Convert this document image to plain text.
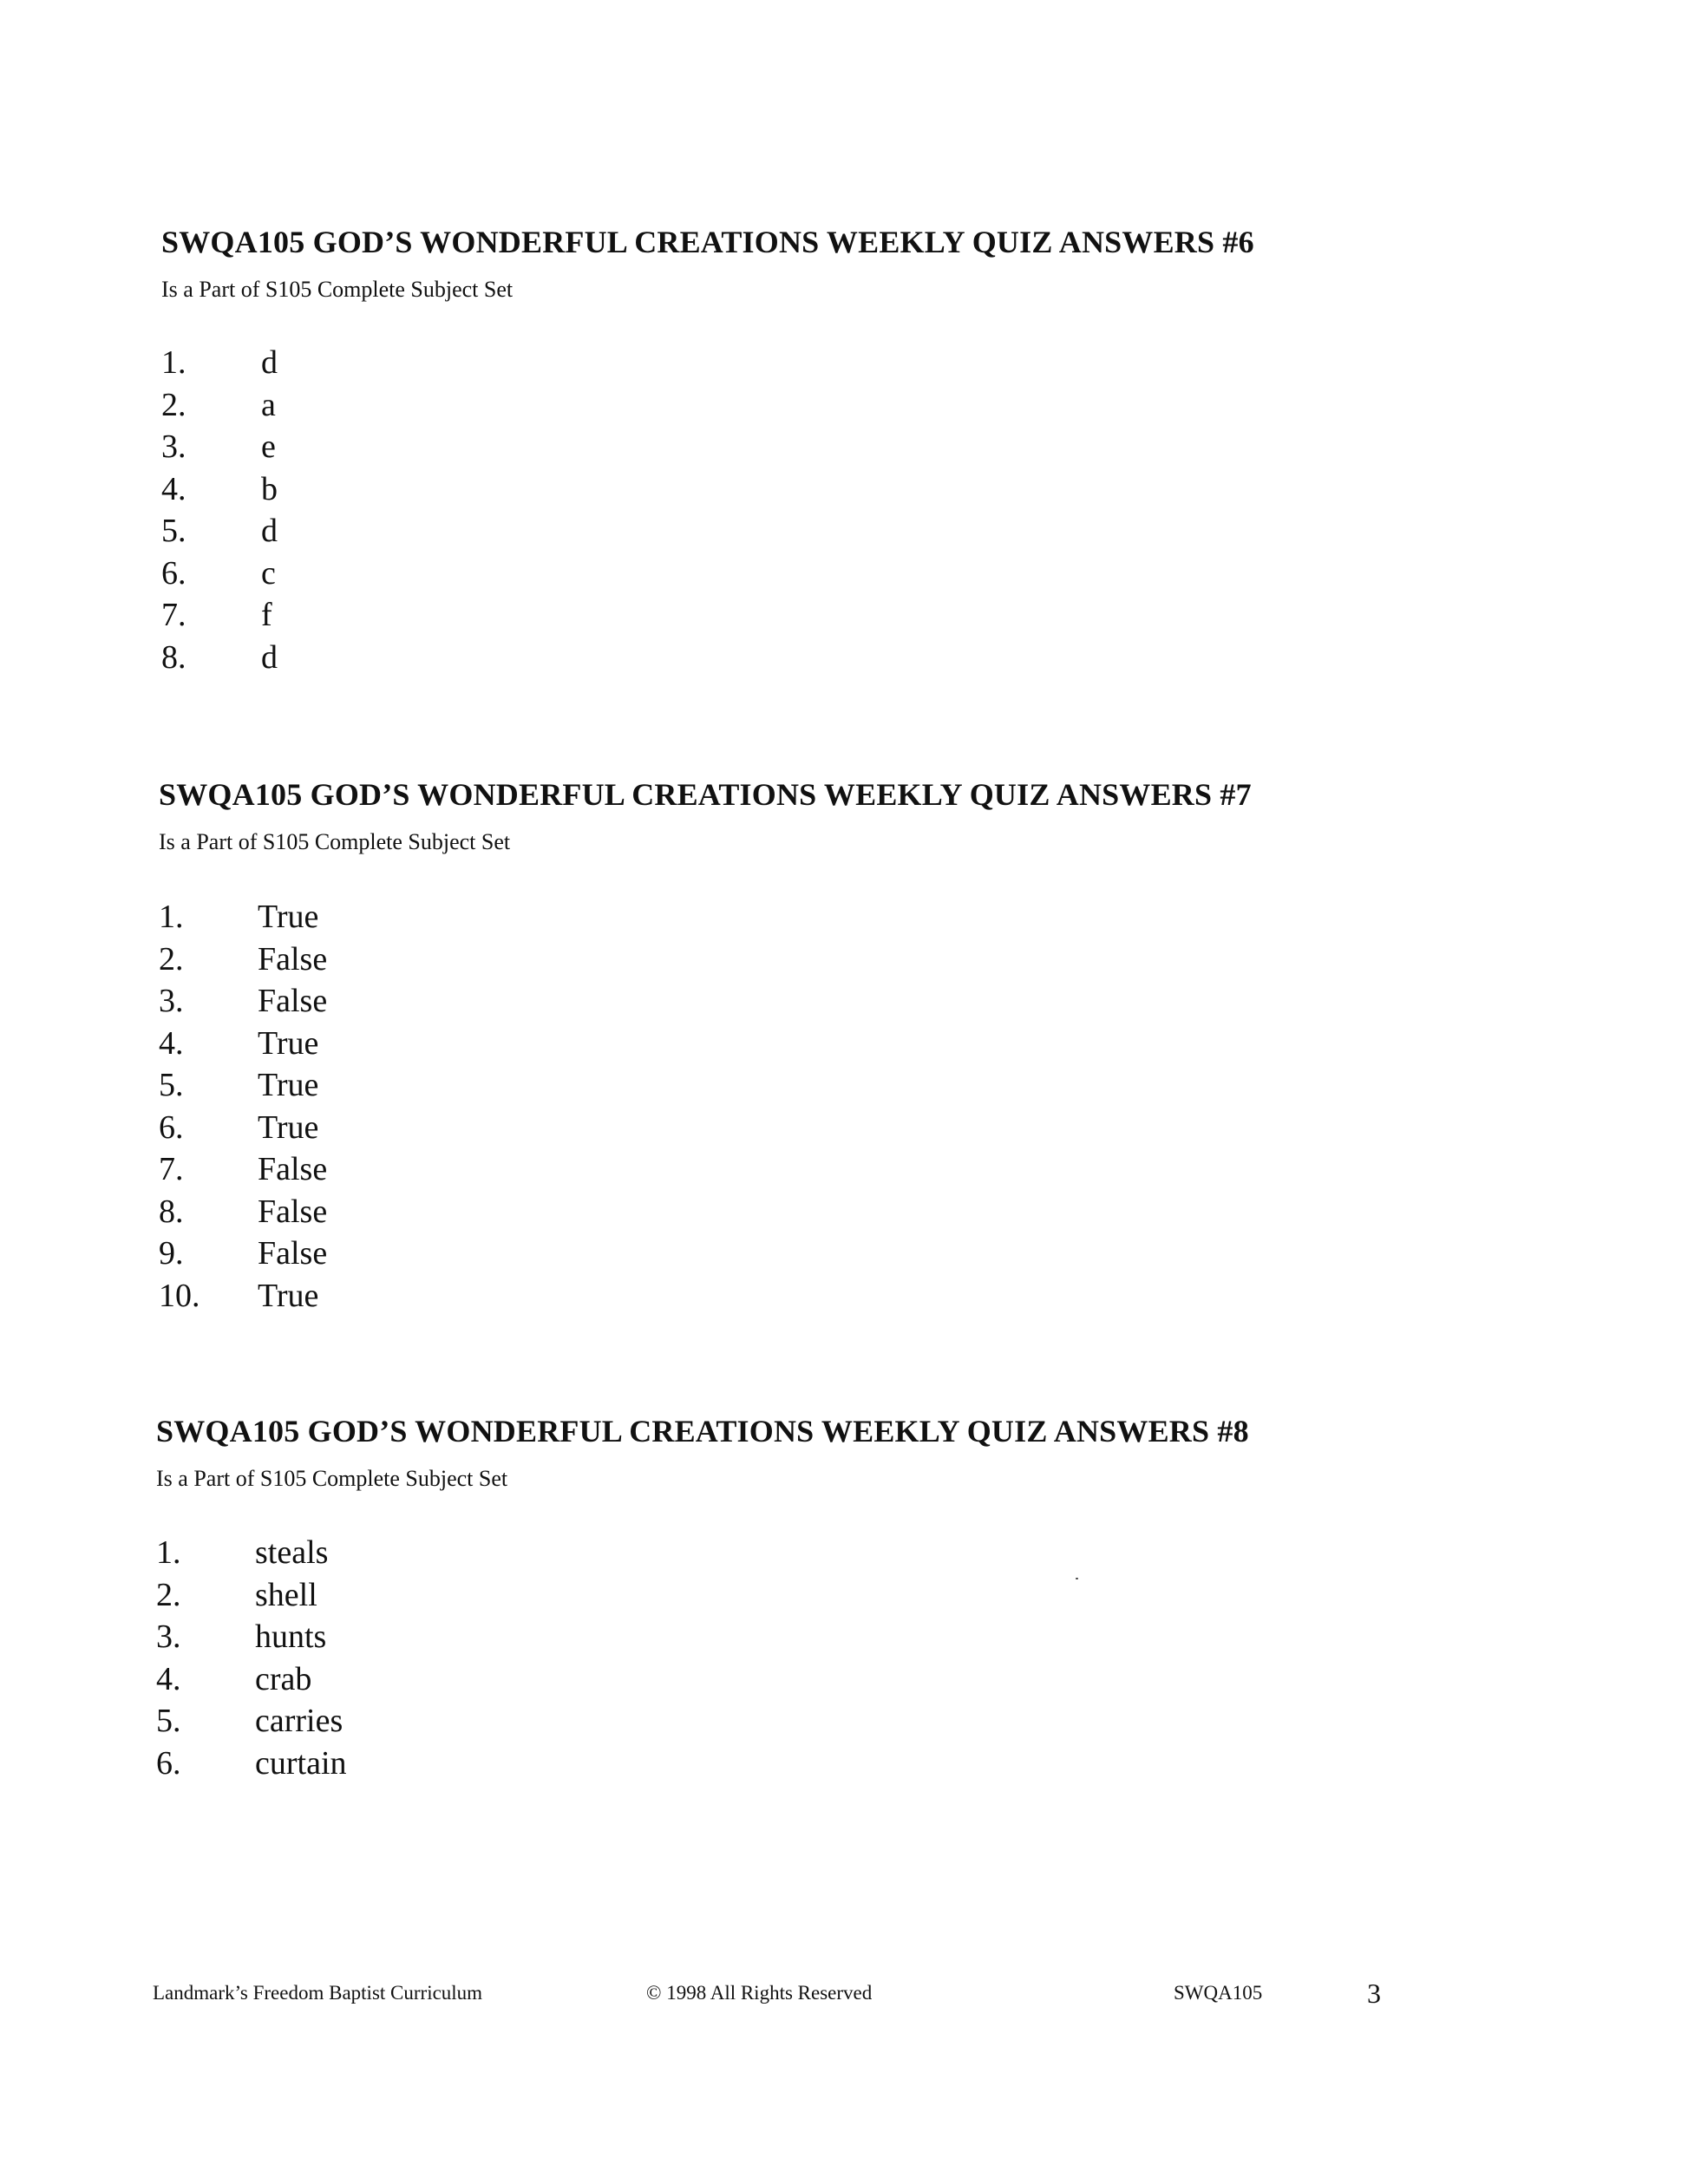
SWQA105 GOD’S WONDERFUL CREATIONS WEEKLY QUIZ ANSWERS #6
Is a Part of S105 Complete Subject Set
1. d
2. a
3. e
4. b
5. d
6. c
7. f
8. d
SWQA105 GOD’S WONDERFUL CREATIONS WEEKLY QUIZ ANSWERS #7
Is a Part of S105 Complete Subject Set
1. True
2. False
3. False
4. True
5. True
6. True
7. False
8. False
9. False
10. True
SWQA105 GOD’S WONDERFUL CREATIONS WEEKLY QUIZ ANSWERS #8
Is a Part of S105 Complete Subject Set
1. steals
2. shell
3. hunts
4. crab
5. carries
6. curtain
Landmark’s Freedom Baptist Curriculum	© 1998 All Rights Reserved	SWQA105	3
